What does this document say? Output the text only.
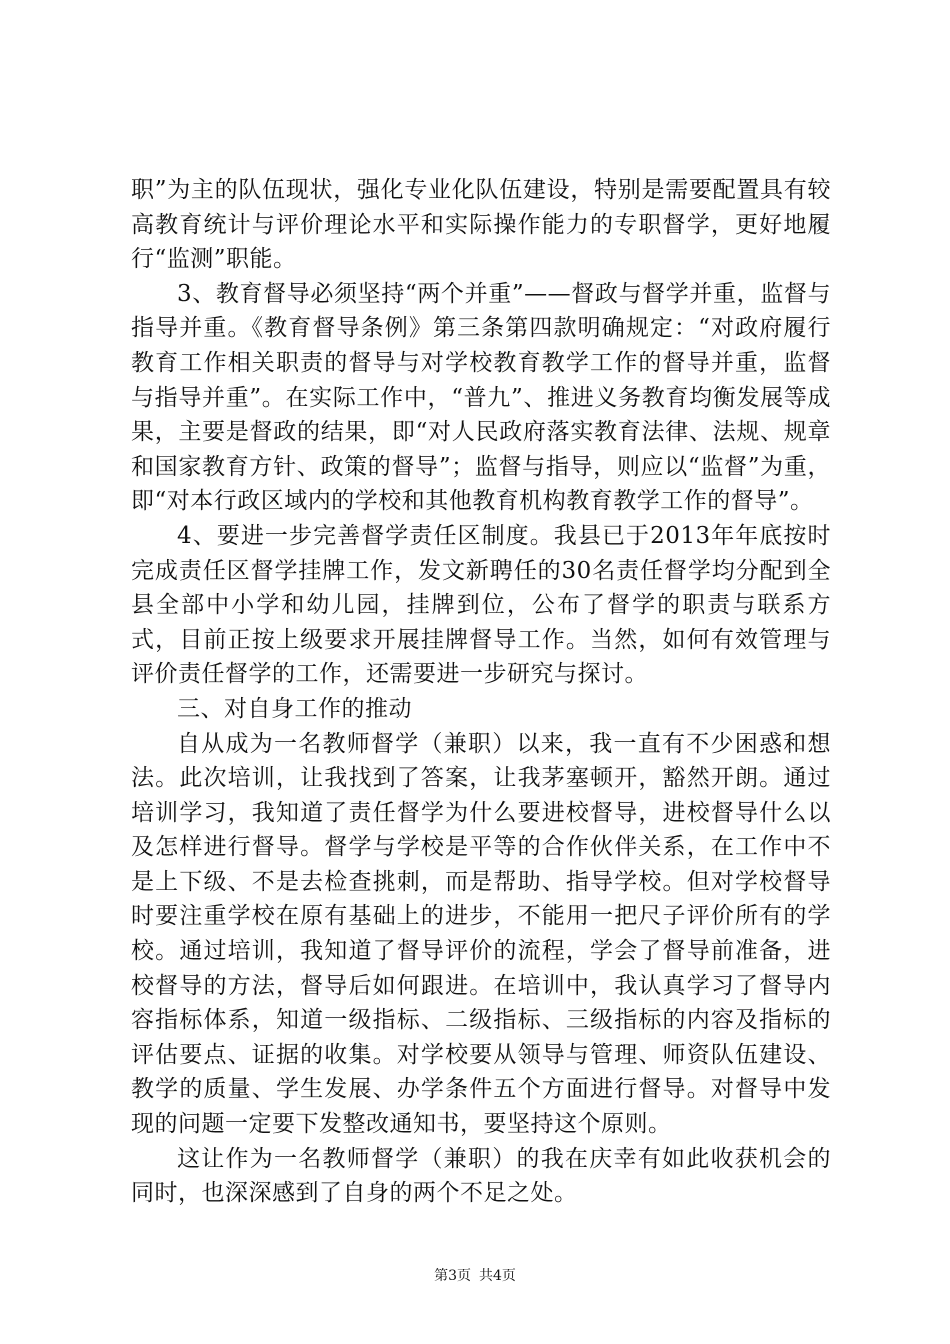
职”为主的队伍现状，强化专业化队伍建设，特别是需要配置具有较高教育统计与评价理论水平和实际操作能力的专职督学，更好地履行“监测”职能。

3、教育督导必须坚持“两个并重”——督政与督学并重，监督与指导并重。《教育督导条例》第三条第四款明确规定：“对政府履行教育工作相关职责的督导与对学校教育教学工作的督导并重，监督与指导并重”。在实际工作中，“普九”、推进义务教育均衡发展等成果，主要是督政的结果，即“对人民政府落实教育法律、法规、规章和国家教育方针、政策的督导”；监督与指导，则应以“监督”为重，即“对本行政区域内的学校和其他教育机构教育教学工作的督导”。

4、要进一步完善督学责任区制度。我县已于2013年年底按时完成责任区督学挂牌工作，发文新聘任的30名责任督学均分配到全县全部中小学和幼儿园，挂牌到位，公布了督学的职责与联系方式，目前正按上级要求开展挂牌督导工作。当然，如何有效管理与评价责任督学的工作，还需要进一步研究与探讨。

三、对自身工作的推动

自从成为一名教师督学（兼职）以来，我一直有不少困惑和想法。此次培训，让我找到了答案，让我茅塞顿开，豁然开朗。通过培训学习，我知道了责任督学为什么要进校督导，进校督导什么以及怎样进行督导。督学与学校是平等的合作伙伴关系，在工作中不是上下级、不是去检查挑刺，而是帮助、指导学校。但对学校督导时要注重学校在原有基础上的进步，不能用一把尺子评价所有的学校。通过培训，我知道了督导评价的流程，学会了督导前准备，进校督导的方法，督导后如何跟进。在培训中，我认真学习了督导内容指标体系，知道一级指标、二级指标、三级指标的内容及指标的评估要点、证据的收集。对学校要从领导与管理、师资队伍建设、教学的质量、学生发展、办学条件五个方面进行督导。对督导中发现的问题一定要下发整改通知书，要坚持这个原则。

这让作为一名教师督学（兼职）的我在庆幸有如此收获机会的同时，也深深感到了自身的两个不足之处。

第3页 共4页
